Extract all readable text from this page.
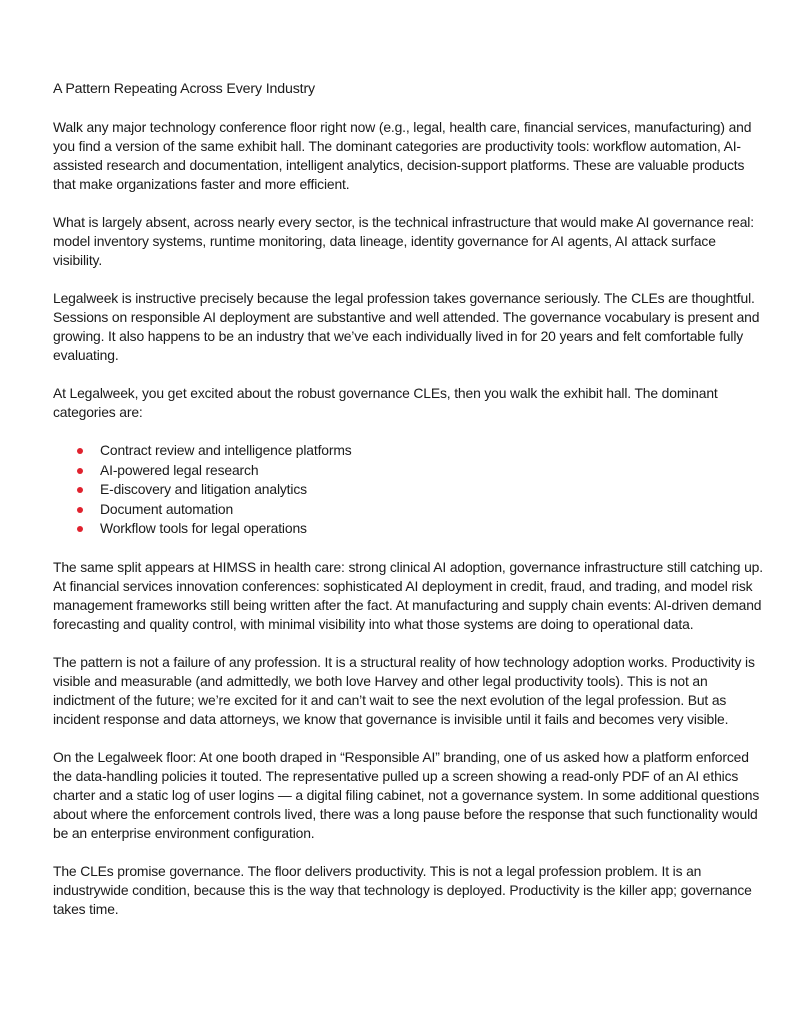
A Pattern Repeating Across Every Industry

Walk any major technology conference floor right now (e.g., legal, health care, financial services, manufacturing) and you find a version of the same exhibit hall. The dominant categories are productivity tools: workflow automation, AI-assisted research and documentation, intelligent analytics, decision-support platforms. These are valuable products that make organizations faster and more efficient.

What is largely absent, across nearly every sector, is the technical infrastructure that would make AI governance real: model inventory systems, runtime monitoring, data lineage, identity governance for AI agents, AI attack surface visibility.

Legalweek is instructive precisely because the legal profession takes governance seriously. The CLEs are thoughtful. Sessions on responsible AI deployment are substantive and well attended. The governance vocabulary is present and growing. It also happens to be an industry that we’ve each individually lived in for 20 years and felt comfortable fully evaluating.

At Legalweek, you get excited about the robust governance CLEs, then you walk the exhibit hall. The dominant categories are:

Contract review and intelligence platforms
AI-powered legal research
E-discovery and litigation analytics
Document automation
Workflow tools for legal operations

The same split appears at HIMSS in health care: strong clinical AI adoption, governance infrastructure still catching up. At financial services innovation conferences: sophisticated AI deployment in credit, fraud, and trading, and model risk management frameworks still being written after the fact. At manufacturing and supply chain events: AI-driven demand forecasting and quality control, with minimal visibility into what those systems are doing to operational data.

The pattern is not a failure of any profession. It is a structural reality of how technology adoption works. Productivity is visible and measurable (and admittedly, we both love Harvey and other legal productivity tools). This is not an indictment of the future; we’re excited for it and can’t wait to see the next evolution of the legal profession. But as incident response and data attorneys, we know that governance is invisible until it fails and becomes very visible.

On the Legalweek floor: At one booth draped in “Responsible AI” branding, one of us asked how a platform enforced the data-handling policies it touted. The representative pulled up a screen showing a read-only PDF of an AI ethics charter and a static log of user logins — a digital filing cabinet, not a governance system. In some additional questions about where the enforcement controls lived, there was a long pause before the response that such functionality would be an enterprise environment configuration.

The CLEs promise governance. The floor delivers productivity. This is not a legal profession problem. It is an industrywide condition, because this is the way that technology is deployed. Productivity is the killer app; governance takes time.
